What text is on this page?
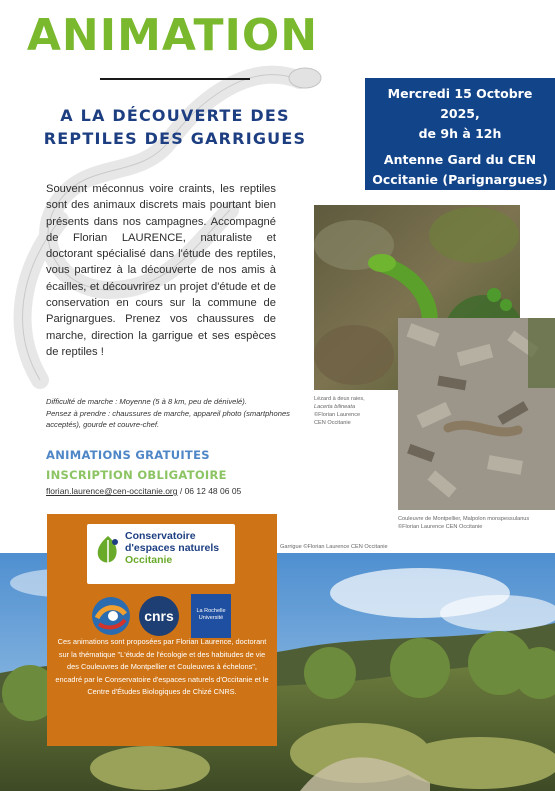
ANIMATION
A LA DÉCOUVERTE DES
REPTILES DES GARRIGUES
Mercredi 15 Octobre
2025,
de 9h à 12h
Antenne Gard du CEN
Occitanie (Parignargues)
Souvent méconnus voire craints, les reptiles sont des animaux discrets mais pourtant bien présents dans nos campagnes. Accompagné de Florian LAURENCE, naturaliste et doctorant spécialisé dans l'étude des reptiles, vous partirez à la découverte de nos amis à écailles, et découvrirez un projet d'étude et de conservation en cours sur la commune de Parignargues. Prenez vos chaussures de marche, direction la garrigue et ses espèces de reptiles !
Difficulté de marche : Moyenne (5 à 8 km, peu de dénivelé).
Pensez à prendre : chaussures de marche, appareil photo (smartphones acceptés), gourde et couvre-chef.
ANIMATIONS GRATUITES
INSCRIPTION OBLIGATOIRE
florian.laurence@cen-occitanie.org / 06 12 48 06 05
Lézard à deux raies,
Lacerta bilineata
©Florian Laurence
CEN Occitanie
Couleuvre de Montpellier, Malpolon monspessulanus
©Florian Laurence CEN Occitanie
Garrigue ©Florian Laurence CEN Occitanie
Conservatoire
d'espaces naturels
Occitanie
cnrs	La Rochelle
Université
Ces animations sont proposées par Florian Laurence, doctorant sur la thématique "L'étude de l'écologie et des habitudes de vie des Couleuvres de Montpellier et Couleuvres à échelons", encadré par le Conservatoire d'espaces naturels d'Occitanie et le Centre d'Études Biologiques de Chizé CNRS.
